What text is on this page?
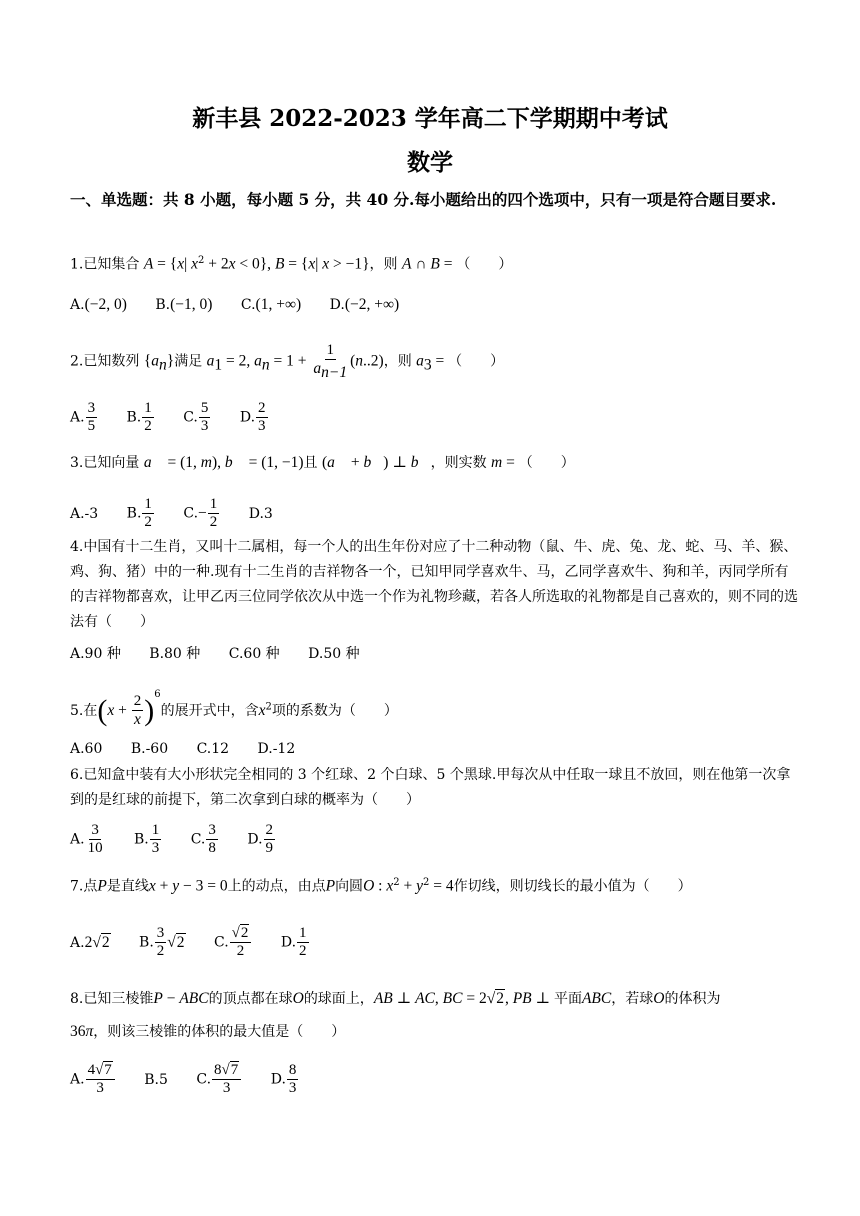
新丰县 2022-2023 学年高二下学期期中考试
数学
一、单选题：共 8 小题，每小题 5 分，共 40 分.每小题给出的四个选项中，只有一项是符合题目要求.
1.已知集合 A = {x| $x^2 + 2x < 0$}, B = {x| x > −1}，则 A ∩ B = （　　）
A.(−2, 0) B.(−1, 0) C.(1, +∞) D.(−2, +∞)
2.已知数列 $\{a_n\}$满足 $a_1 = 2$, $a_n = 1 + \frac{1}{a_{n-1}} (n..2)$，则 $a_3$ = （　　）
A. $\frac{3}{5} B$. $\frac{1}{2} C$. $\frac{5}{3} D$. $\frac{2}{3}$
3.已知向量 a⃗ = (1, m), b⃗ = (1, −1)且 (a⃗ + b⃗) ⊥ b⃗，则实数 m = （　　）
A.-3 B. $\frac{1}{2} C.- \frac{1}{2} D.3$
4.中国有十二生肖，又叫十二属相，每一个人的出生年份对应了十二种动物（鼠、牛、虎、兔、龙、蛇、马、羊、猴、鸡、狗、猪）中的一种.现有十二生肖的吉祥物各一个，已知甲同学喜欢牛、马，乙同学喜欢牛、狗和羊，丙同学所有的吉祥物都喜欢，让甲乙丙三位同学依次从中选一个作为礼物珍藏，若各人所选取的礼物都是自己喜欢的，则不同的选法有（　　）
A.90 种 B.80 种 C.60 种 D.50 种
5.在$(x + \frac{2}{x} )^6$的展开式中，含$x^2$项的系数为（　　）
A.60 B.-60 C.12 D.-12
6.已知盒中装有大小形状完全相同的 3 个红球、2 个白球、5 个黑球.甲每次从中任取一球且不放回，则在他第一次拿到的是红球的前提下，第二次拿到白球的概率为（　　）
A. $\frac{3}{10} B$. $\frac{1}{3} C$. $\frac{3}{8} D$. $\frac{2}{9}$
7.点P是直线x + y − 3 = 0上的动点，由点P向圆O : $x^2 + y^2 = 4$作切线，则切线长的最小值为（　　）
A.2√2 B. $\frac{3}{2} √2$ C. $\frac{√2}{2} D$. $\frac{1}{2}$
8.已知三棱锥P − ABC的顶点都在球O的球面上，AB ⊥ AC, BC = 2√2, PB ⊥ 平面ABC，若球O的体积为
36π，则该三棱锥的体积的最大值是（　　）
A. $\frac{4√7}{3} B.5$ C. $\frac{8√7}{3} D$. $\frac{8}{3}$
